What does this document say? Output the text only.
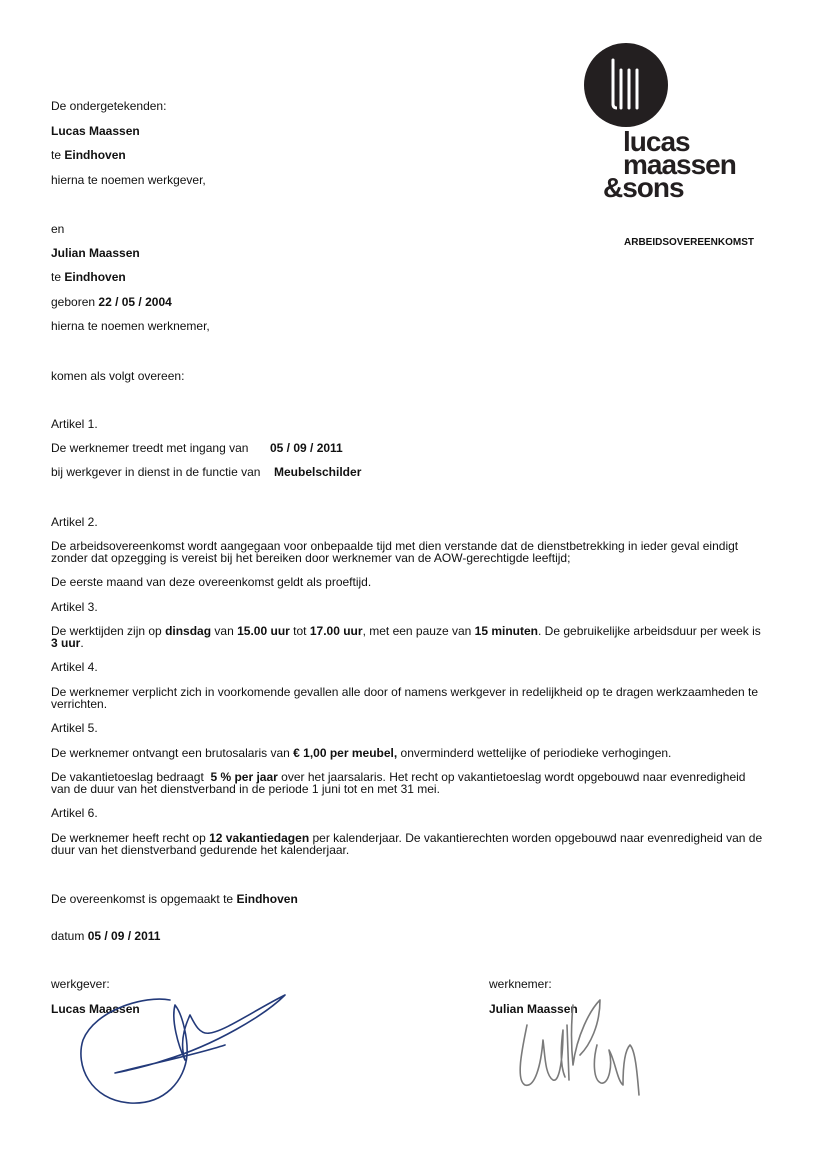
lucas
maassen
&sons
ARBEIDSOVEREENKOMST
De ondergetekenden:
Lucas Maassen
te Eindhoven
hierna te noemen werkgever,
en
Julian Maassen
te Eindhoven
geboren 22 / 05 / 2004
hierna te noemen werknemer,
komen als volgt overeen:
Artikel 1.
De werknemer treedt met ingang van 05 / 09 / 2011
bij werkgever in dienst in de functie van Meubelschilder
Artikel 2.
De arbeidsovereenkomst wordt aangegaan voor onbepaalde tijd met dien verstande dat de dienstbetrekking in ieder geval eindigt zonder dat opzegging is vereist bij het bereiken door werknemer van de AOW-gerechtigde leeftijd;
De eerste maand van deze overeenkomst geldt als proeftijd.
Artikel 3.
De werktijden zijn op dinsdag van 15.00 uur tot 17.00 uur, met een pauze van 15 minuten. De gebruikelijke arbeidsduur per week is 3 uur.
Artikel 4.
De werknemer verplicht zich in voorkomende gevallen alle door of namens werkgever in redelijkheid op te dragen werkzaamheden te verrichten.
Artikel 5.
De werknemer ontvangt een brutosalaris van € 1,00 per meubel, onverminderd wettelijke of periodieke verhogingen.
De vakantietoeslag bedraagt 5 % per jaar over het jaarsalaris. Het recht op vakantietoeslag wordt opgebouwd naar evenredigheid van de duur van het dienstverband in de periode 1 juni tot en met 31 mei.
Artikel 6.
De werknemer heeft recht op 12 vakantiedagen per kalenderjaar. De vakantierechten worden opgebouwd naar evenredigheid van de duur van het dienstverband gedurende het kalenderjaar.
De overeenkomst is opgemaakt te Eindhoven
datum 05 / 09 / 2011
werkgever:
Lucas Maassen
werknemer:
Julian Maassen
